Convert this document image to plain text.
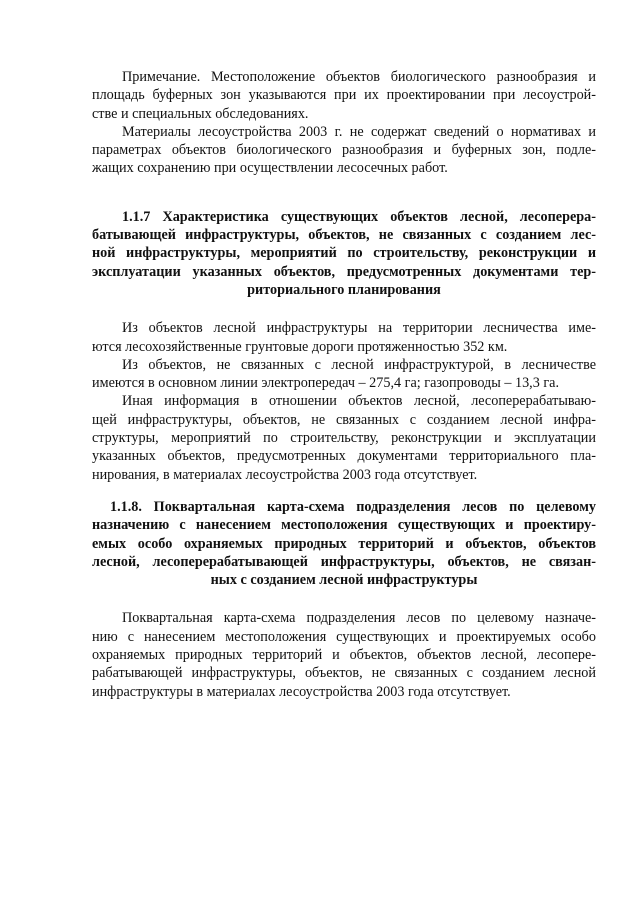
Примечание. Местоположение объектов биологического разнообразия и
площадь буферных зон указываются при их проектировании при лесоустрой-
стве и специальных обследованиях.
Материалы лесоустройства 2003 г. не содержат сведений о нормативах и
параметрах объектов биологического разнообразия и буферных зон, подле-
жащих сохранению при осуществлении лесосечных работ.
1.1.7 Характеристика существующих объектов лесной, лесоперера-
батывающей инфраструктуры, объектов, не связанных с созданием лес-
ной инфраструктуры, мероприятий по строительству, реконструкции и
эксплуатации указанных объектов, предусмотренных документами тер-
риториального планирования
Из объектов лесной инфраструктуры на территории лесничества име-
ются лесохозяйственные грунтовые дороги протяженностью 352 км.
Из объектов, не связанных с лесной инфраструктурой, в лесничестве
имеются в основном линии электропередач – 275,4 га; газопроводы – 13,3 га.
Иная информация в отношении объектов лесной, лесоперерабатываю-
щей инфраструктуры, объектов, не связанных с созданием лесной инфра-
структуры, мероприятий по строительству, реконструкции и эксплуатации
указанных объектов, предусмотренных документами территориального пла-
нирования, в материалах лесоустройства 2003 года отсутствует.
1.1.8. Поквартальная карта-схема подразделения лесов по целевому
назначению с нанесением местоположения существующих и проектиру-
емых особо охраняемых природных территорий и объектов, объектов
лесной, лесоперерабатывающей инфраструктуры, объектов, не связан-
ных с созданием лесной инфраструктуры
Поквартальная карта-схема подразделения лесов по целевому назначе-
нию с нанесением местоположения существующих и проектируемых особо
охраняемых природных территорий и объектов, объектов лесной, лесопере-
рабатывающей инфраструктуры, объектов, не связанных с созданием лесной
инфраструктуры в материалах лесоустройства 2003 года отсутствует.
